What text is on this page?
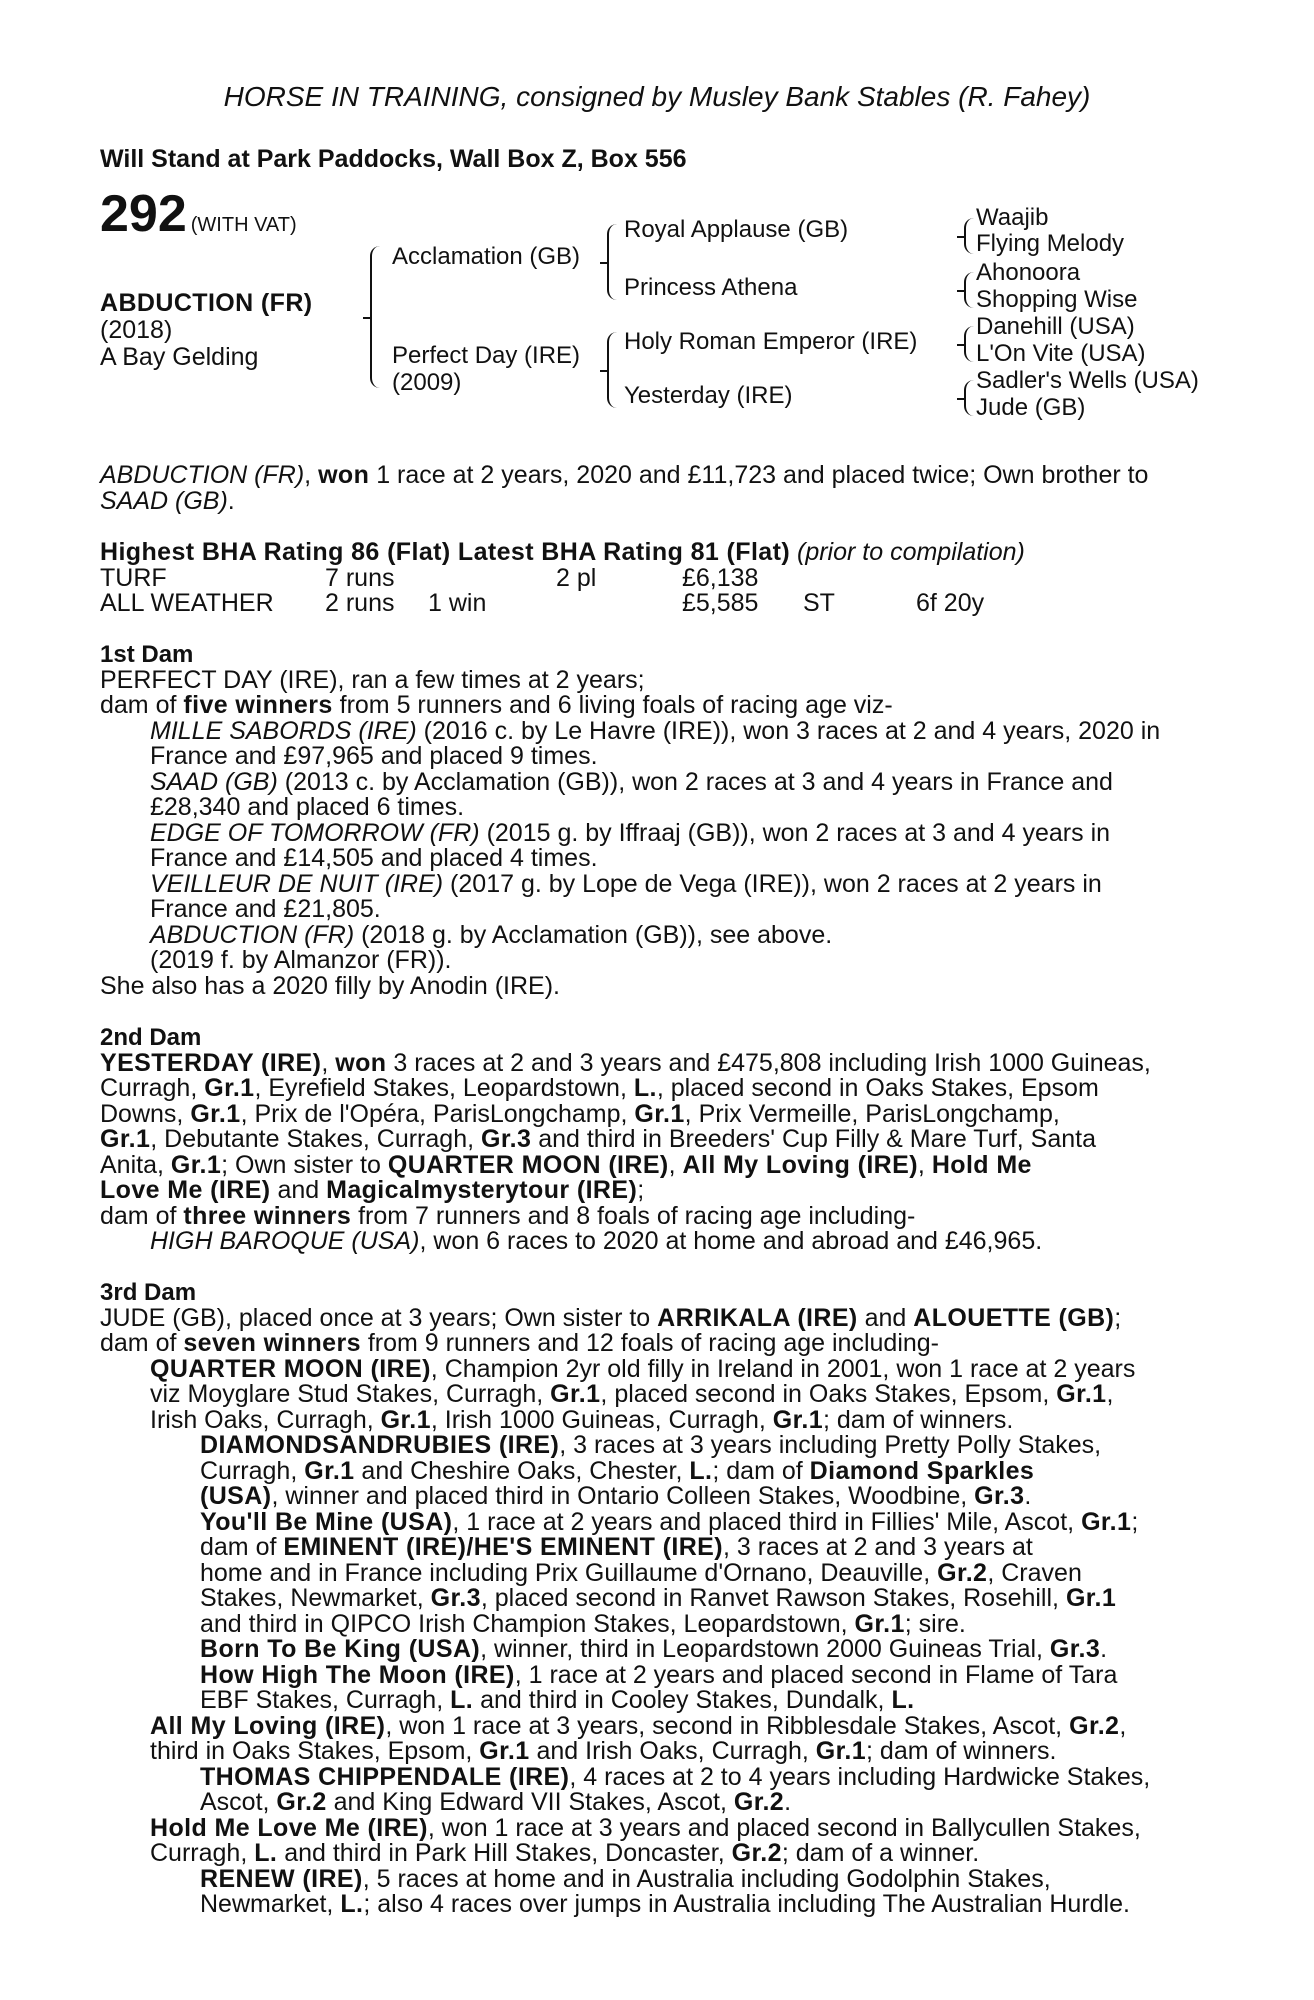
HORSE IN TRAINING, consigned by Musley Bank Stables (R. Fahey)
Will Stand at Park Paddocks, Wall Box Z, Box 556
292 (WITH VAT)
ABDUCTION (FR)
(2018)
A Bay Gelding
Acclamation (GB)
Perfect Day (IRE)
(2009)
Royal Applause (GB)
Princess Athena
Holy Roman Emperor (IRE)
Yesterday (IRE)
Waajib
Flying Melody
Ahonoora
Shopping Wise
Danehill (USA)
L'On Vite (USA)
Sadler's Wells (USA)
Jude (GB)
ABDUCTION (FR), won 1 race at 2 years, 2020 and £11,723 and placed twice; Own brother to
SAAD (GB).
Highest BHA Rating 86 (Flat) Latest BHA Rating 81 (Flat) (prior to compilation)
TURF	7 runs	2 pl	£6,138
ALL WEATHER 2 runs 1 win	£5,585 ST	6f 20y
1st Dam
PERFECT DAY (IRE), ran a few times at 2 years;
dam of five winners from 5 runners and 6 living foals of racing age viz-
MILLE SABORDS (IRE) (2016 c. by Le Havre (IRE)), won 3 races at 2 and 4 years, 2020 in
France and £97,965 and placed 9 times.
SAAD (GB) (2013 c. by Acclamation (GB)), won 2 races at 3 and 4 years in France and
£28,340 and placed 6 times.
EDGE OF TOMORROW (FR) (2015 g. by Iffraaj (GB)), won 2 races at 3 and 4 years in
France and £14,505 and placed 4 times.
VEILLEUR DE NUIT (IRE) (2017 g. by Lope de Vega (IRE)), won 2 races at 2 years in
France and £21,805.
ABDUCTION (FR) (2018 g. by Acclamation (GB)), see above.
(2019 f. by Almanzor (FR)).
She also has a 2020 filly by Anodin (IRE).
2nd Dam
YESTERDAY (IRE), won 3 races at 2 and 3 years and £475,808 including Irish 1000 Guineas,
Curragh, Gr.1, Eyrefield Stakes, Leopardstown, L., placed second in Oaks Stakes, Epsom
Downs, Gr.1, Prix de l'Opéra, ParisLongchamp, Gr.1, Prix Vermeille, ParisLongchamp,
Gr.1, Debutante Stakes, Curragh, Gr.3 and third in Breeders' Cup Filly & Mare Turf, Santa
Anita, Gr.1; Own sister to QUARTER MOON (IRE), All My Loving (IRE), Hold Me
Love Me (IRE) and Magicalmysterytour (IRE);
dam of three winners from 7 runners and 8 foals of racing age including-
HIGH BAROQUE (USA), won 6 races to 2020 at home and abroad and £46,965.
3rd Dam
JUDE (GB), placed once at 3 years; Own sister to ARRIKALA (IRE) and ALOUETTE (GB);
dam of seven winners from 9 runners and 12 foals of racing age including-
QUARTER MOON (IRE), Champion 2yr old filly in Ireland in 2001, won 1 race at 2 years
viz Moyglare Stud Stakes, Curragh, Gr.1, placed second in Oaks Stakes, Epsom, Gr.1,
Irish Oaks, Curragh, Gr.1, Irish 1000 Guineas, Curragh, Gr.1; dam of winners.
DIAMONDSANDRUBIES (IRE), 3 races at 3 years including Pretty Polly Stakes,
Curragh, Gr.1 and Cheshire Oaks, Chester, L.; dam of Diamond Sparkles
(USA), winner and placed third in Ontario Colleen Stakes, Woodbine, Gr.3.
You'll Be Mine (USA), 1 race at 2 years and placed third in Fillies' Mile, Ascot, Gr.1;
dam of EMINENT (IRE)/HE'S EMINENT (IRE), 3 races at 2 and 3 years at
home and in France including Prix Guillaume d'Ornano, Deauville, Gr.2, Craven
Stakes, Newmarket, Gr.3, placed second in Ranvet Rawson Stakes, Rosehill, Gr.1
and third in QIPCO Irish Champion Stakes, Leopardstown, Gr.1; sire.
Born To Be King (USA), winner, third in Leopardstown 2000 Guineas Trial, Gr.3.
How High The Moon (IRE), 1 race at 2 years and placed second in Flame of Tara
EBF Stakes, Curragh, L. and third in Cooley Stakes, Dundalk, L.
All My Loving (IRE), won 1 race at 3 years, second in Ribblesdale Stakes, Ascot, Gr.2,
third in Oaks Stakes, Epsom, Gr.1 and Irish Oaks, Curragh, Gr.1; dam of winners.
THOMAS CHIPPENDALE (IRE), 4 races at 2 to 4 years including Hardwicke Stakes,
Ascot, Gr.2 and King Edward VII Stakes, Ascot, Gr.2.
Hold Me Love Me (IRE), won 1 race at 3 years and placed second in Ballycullen Stakes,
Curragh, L. and third in Park Hill Stakes, Doncaster, Gr.2; dam of a winner.
RENEW (IRE), 5 races at home and in Australia including Godolphin Stakes,
Newmarket, L.; also 4 races over jumps in Australia including The Australian Hurdle.
